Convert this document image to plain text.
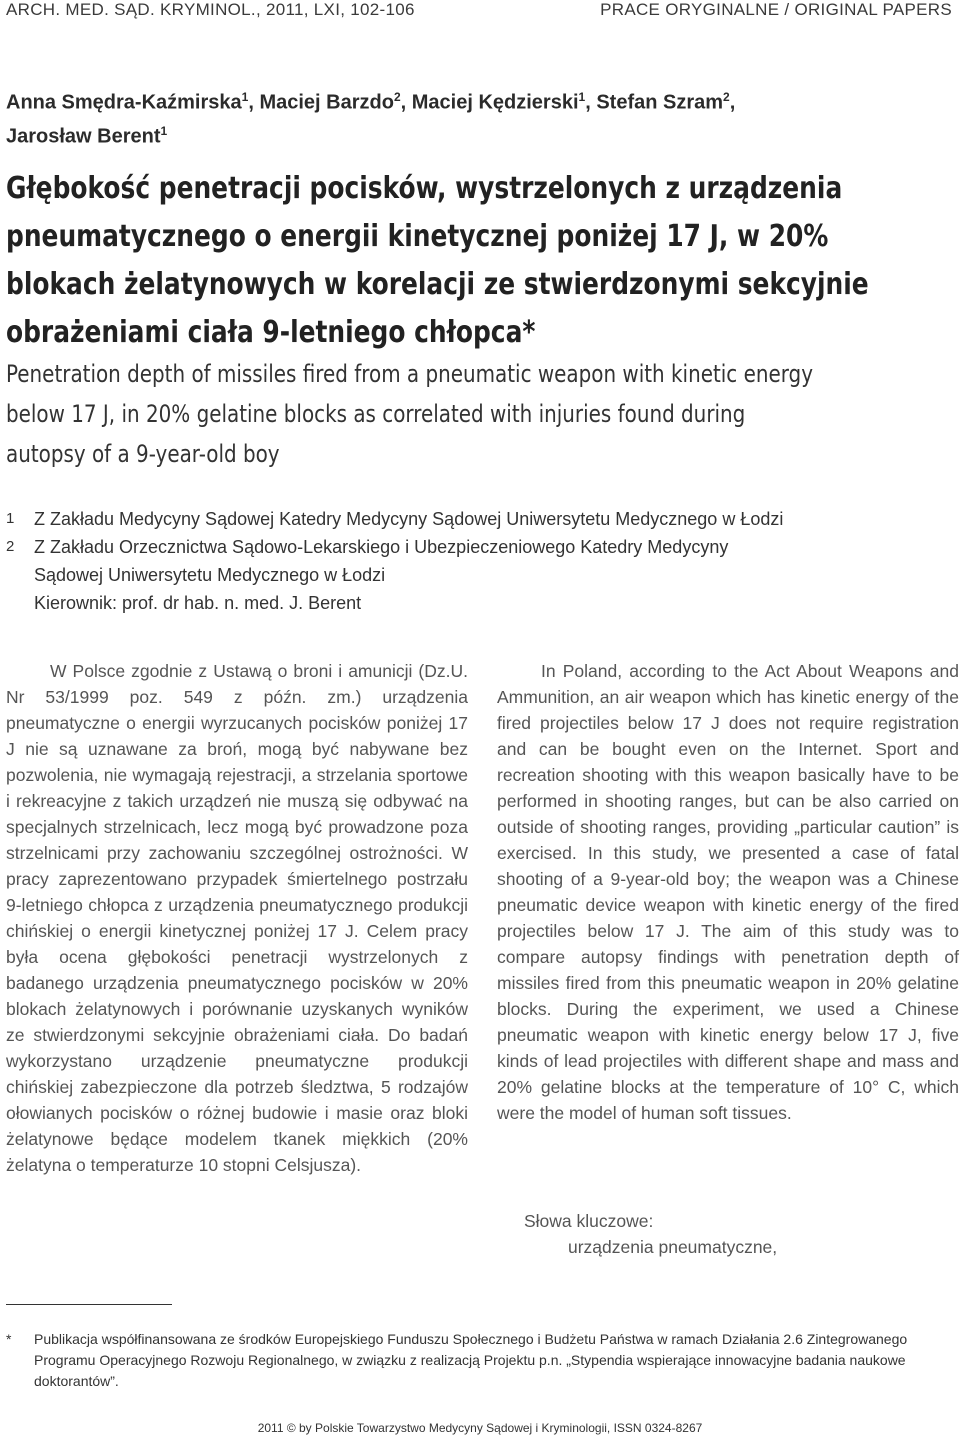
ARCH. MED. SĄD. KRYMINOL., 2011, LXI, 102-106	PRACE ORYGINALNE / ORIGINAL PAPERS
Anna Smędra-Kaźmirska$^1$, Maciej Barzdo$^2$, Maciej Kędzierski$^1$, Stefan Szram$^2$,
Jarosław Berent$^1$
Głębokość penetracji pocisków, wystrzelonych z urządzenia
pneumatycznego o energii kinetycznej poniżej 17 J, w 20%
blokach żelatynowych w korelacji ze stwierdzonymi sekcyjnie
obrażeniami ciała 9-letniego chłopca*
Penetration depth of missiles fired from a pneumatic weapon with kinetic energy
below 17 J, in 20% gelatine blocks as correlated with injuries found during
autopsy of a 9-year-old boy
1 Z Zakładu Medycyny Sądowej Katedry Medycyny Sądowej Uniwersytetu Medycznego w Łodzi
2 Z Zakładu Orzecznictwa Sądowo-Lekarskiego i Ubezpieczeniowego Katedry Medycyny
Sądowej Uniwersytetu Medycznego w Łodzi
Kierownik: prof. dr hab. n. med. J. Berent
W Polsce zgodnie z Ustawą o broni i amunicji (Dz.U. Nr 53/1999 poz. 549 z późn. zm.) urządzenia pneumatyczne o energii wyrzucanych pocisków poniżej 17 J nie są uznawane za broń, mogą być nabywane bez pozwolenia, nie wymagają rejestracji, a strzelania sportowe i rekreacyjne z takich urządzeń nie muszą się odbywać na specjalnych strzelnicach, lecz mogą być prowadzone poza strzelnicami przy zachowaniu szczególnej ostrożności. W pracy zaprezentowano przypadek śmiertelnego postrzału 9-letniego chłopca z urządzenia pneumatycznego produkcji chińskiej o energii kinetycznej poniżej 17 J. Celem pracy była ocena głębokości penetracji wystrzelonych z badanego urządzenia pneumatycznego pocisków w 20% blokach żelatynowych i porównanie uzyskanych wyników ze stwierdzonymi sekcyjnie obrażeniami ciała. Do badań wykorzystano urządzenie pneumatyczne produkcji chińskiej zabezpieczone dla potrzeb śledztwa, 5 rodzajów ołowianych pocisków o różnej budowie i masie oraz bloki żelatynowe będące modelem tkanek miękkich (20% żelatyna o temperaturze 10 stopni Celsjusza).
In Poland, according to the Act About Weapons and Ammunition, an air weapon which has kinetic energy of the fired projectiles below 17 J does not require registration and can be bought even on the Internet. Sport and recreation shooting with this weapon basically have to be performed in shooting ranges, but can be also carried on outside of shooting ranges, providing „particular caution” is exercised. In this study, we presented a case of fatal shooting of a 9-year-old boy; the weapon was a Chinese pneumatic device weapon with kinetic energy of the fired projectiles below 17 J. The aim of this study was to compare autopsy findings with penetration depth of missiles fired from this pneumatic weapon in 20% gelatine blocks. During the experiment, we used a Chinese pneumatic weapon with kinetic energy below 17 J, five kinds of lead projectiles with different shape and mass and 20% gelatine blocks at the temperature of 10° C, which were the model of human soft tissues.
Słowa kluczowe:
urządzenia pneumatyczne,
*	Publikacja współfinansowana ze środków Europejskiego Funduszu Społecznego i Budżetu Państwa w ramach Działania 2.6 Zintegrowanego Programu Operacyjnego Rozwoju Regionalnego, w związku z realizacją Projektu p.n. „Stypendia wspierające innowacyjne badania naukowe doktorantów”.
2011 © by Polskie Towarzystwo Medycyny Sądowej i Kryminologii, ISSN 0324-8267
